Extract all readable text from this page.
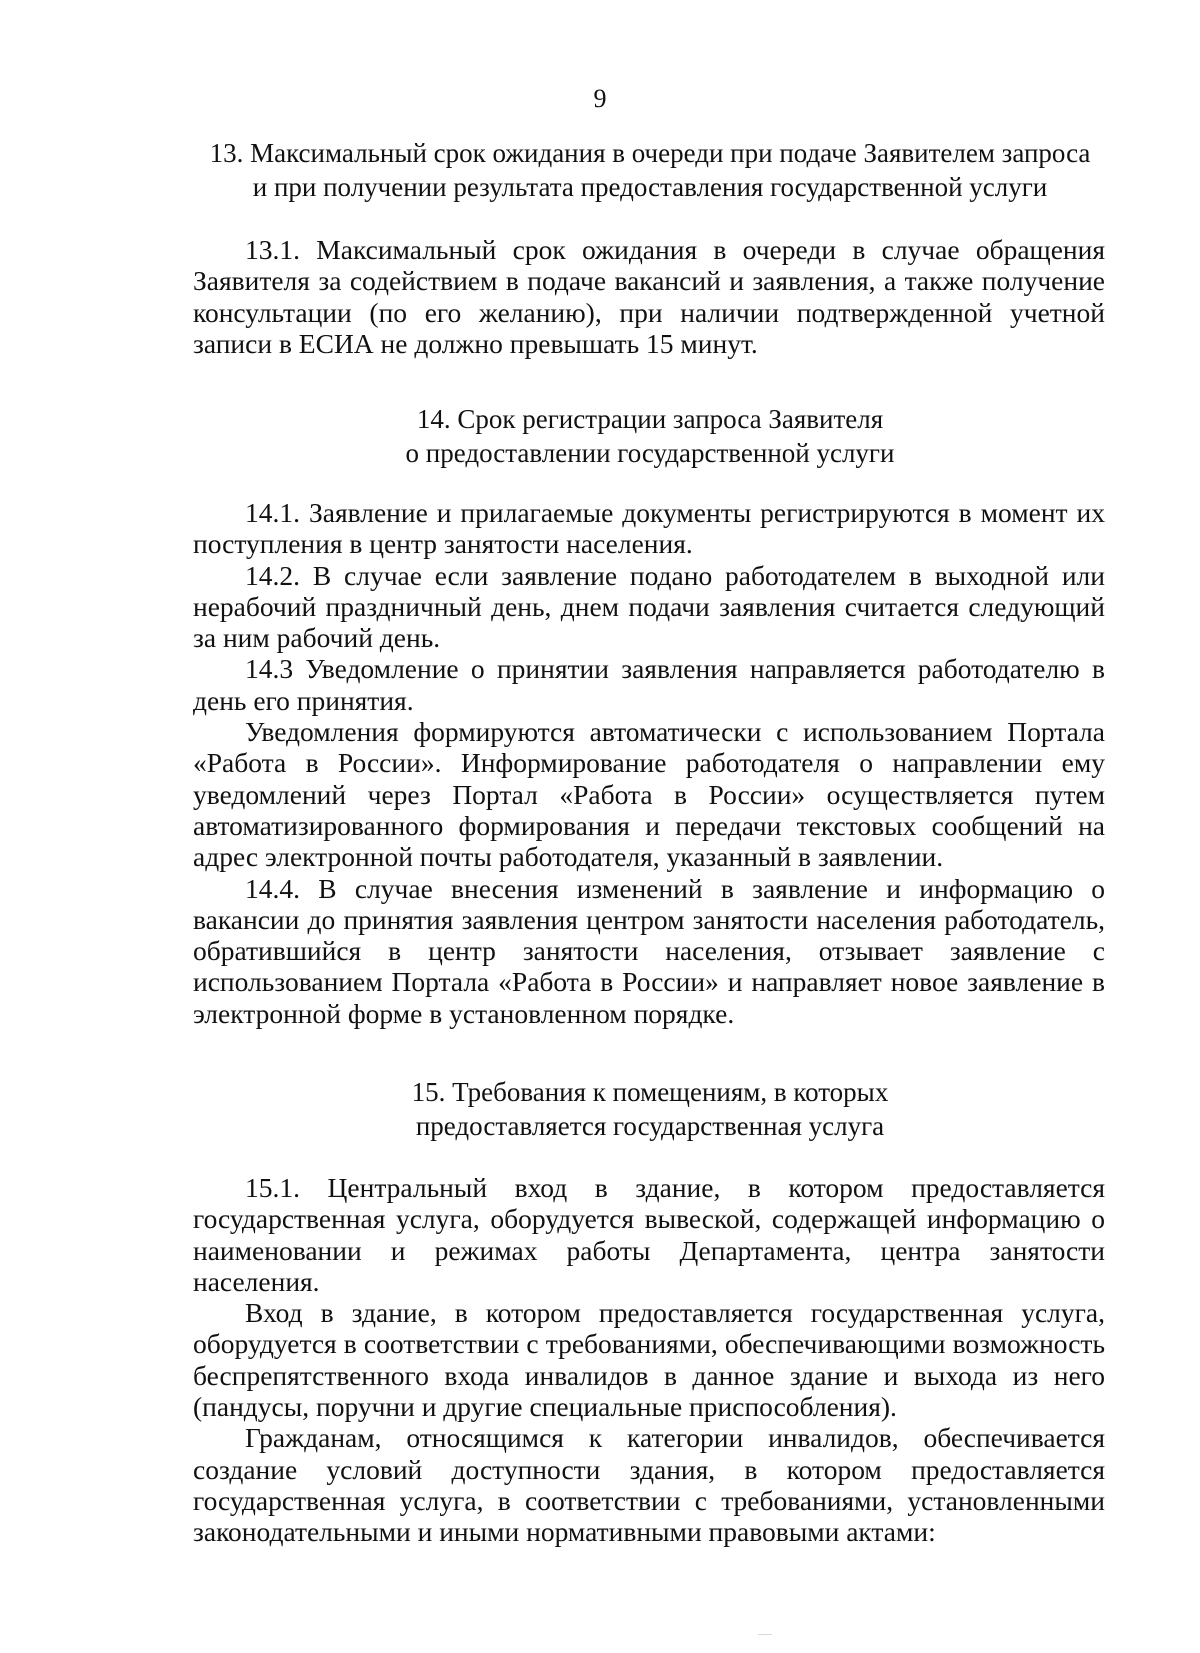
9
13. Максимальный срок ожидания в очереди при подаче Заявителем запроса
и при получении результата предоставления государственной услуги

13.1. Максимальный срок ожидания в очереди в случае обращения Заявителя за содействием в подаче вакансий и заявления, а также получение консультации (по его желанию), при наличии подтвержденной учетной записи в ЕСИА не должно превышать 15 минут.

14. Срок регистрации запроса Заявителя
о предоставлении государственной услуги

14.1. Заявление и прилагаемые документы регистрируются в момент их поступления в центр занятости населения.

14.2. В случае если заявление подано работодателем в выходной или нерабочий праздничный день, днем подачи заявления считается следующий за ним рабочий день.

14.3 Уведомление о принятии заявления направляется работодателю в день его принятия.

Уведомления формируются автоматически с использованием Портала «Работа в России». Информирование работодателя о направлении ему уведомлений через Портал «Работа в России» осуществляется путем автоматизированного формирования и передачи текстовых сообщений на адрес электронной почты работодателя, указанный в заявлении.

14.4. В случае внесения изменений в заявление и информацию о вакансии до принятия заявления центром занятости населения работодатель, обратившийся в центр занятости населения, отзывает заявление с использованием Портала «Работа в России» и направляет новое заявление в электронной форме в установленном порядке.

15. Требования к помещениям, в которых
предоставляется государственная услуга

15.1. Центральный вход в здание, в котором предоставляется государственная услуга, оборудуется вывеской, содержащей информацию о наименовании и режимах работы Департамента, центра занятости населения.

Вход в здание, в котором предоставляется государственная услуга, оборудуется в соответствии с требованиями, обеспечивающими возможность беспрепятственного входа инвалидов в данное здание и выхода из него (пандусы, поручни и другие специальные приспособления).

Гражданам, относящимся к категории инвалидов, обеспечивается создание условий доступности здания, в котором предоставляется государственная услуга, в соответствии с требованиями, установленными законодательными и иными нормативными правовыми актами:
